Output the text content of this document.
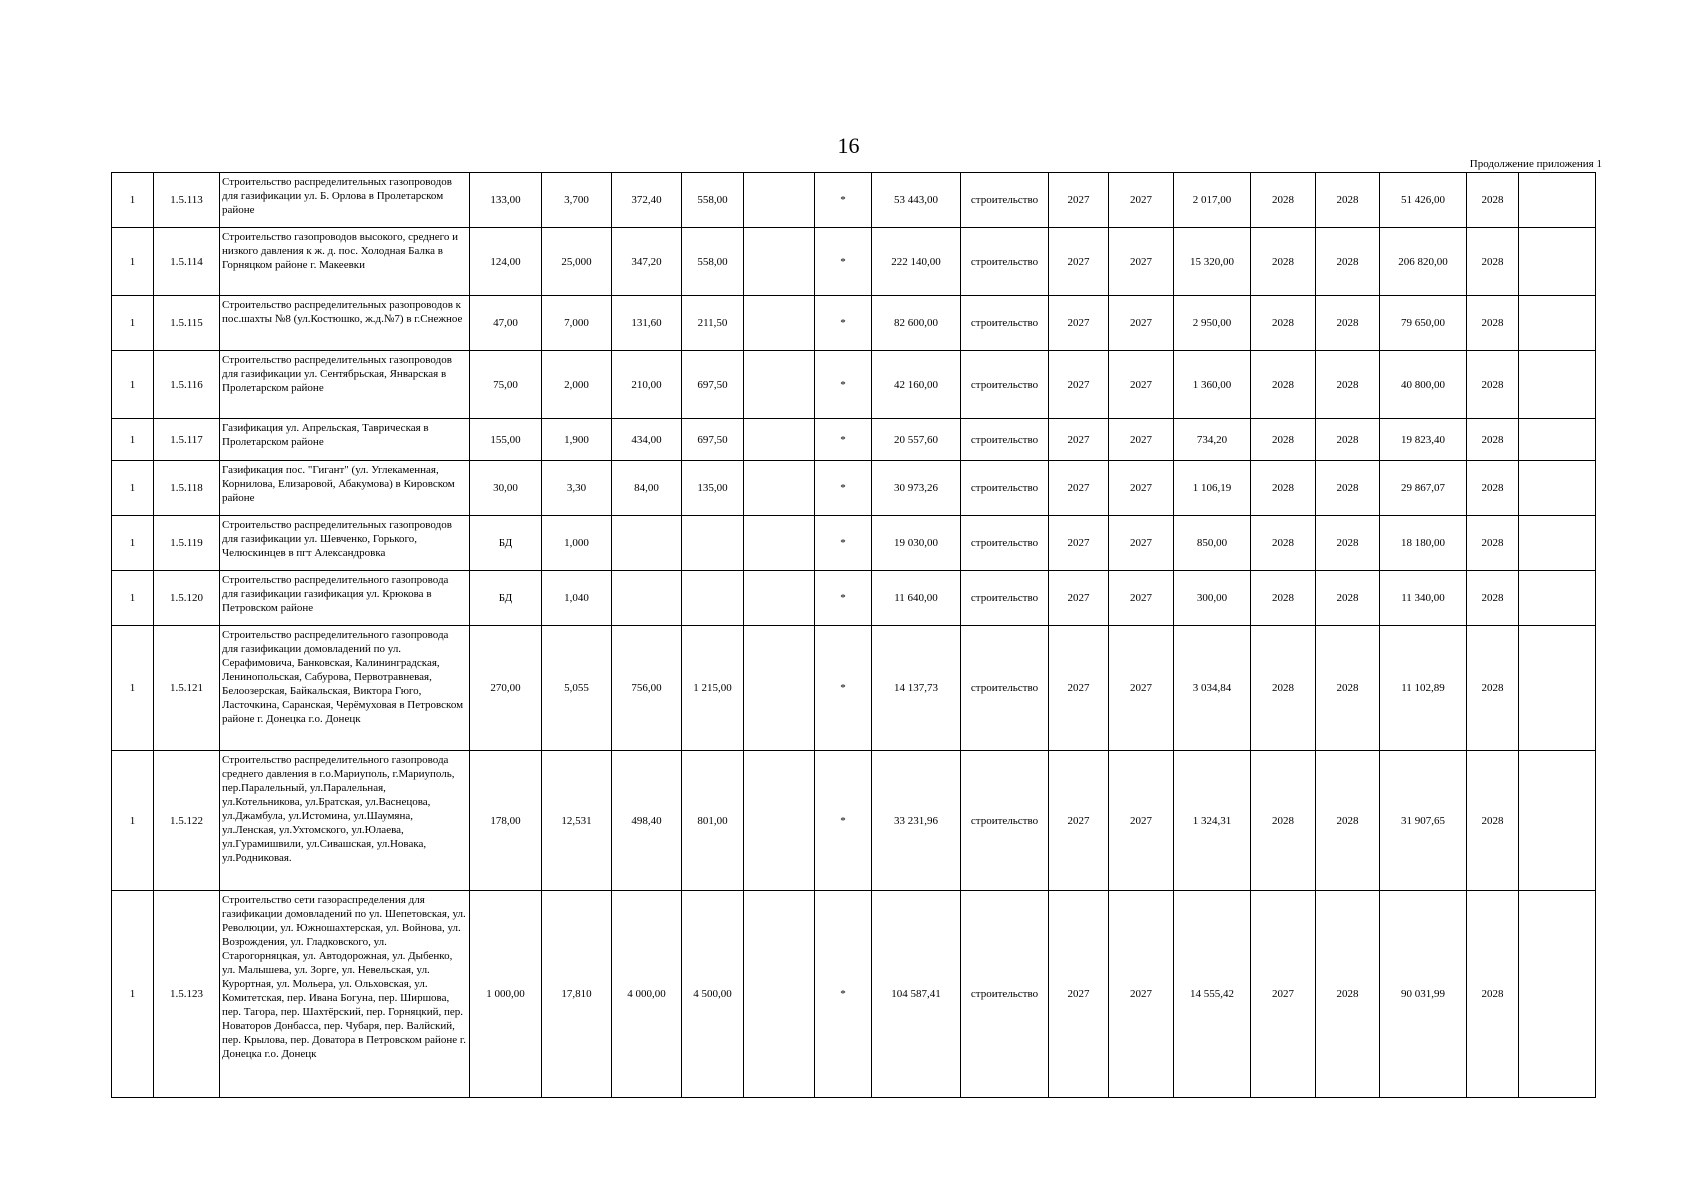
16
Продолжение приложения 1
1	1.5.113	Строительство распределительных газопроводов для газификации ул. Б. Орлова в Пролетарском районе	133,00	3,700	372,40	558,00		*	53 443,00	строительство	2027	2027	2 017,00	2028	2028	51 426,00	2028	
1	1.5.114	Строительство газопроводов высокого, среднего и низкого давления к ж. д. пос. Холодная Балка в Горняцком районе г. Макеевки	124,00	25,000	347,20	558,00		*	222 140,00	строительство	2027	2027	15 320,00	2028	2028	206 820,00	2028	
1	1.5.115	Строительство распределительных разопроводов к пос.шахты №8 (ул.Костюшко, ж.д.№7) в г.Снежное	47,00	7,000	131,60	211,50		*	82 600,00	строительство	2027	2027	2 950,00	2028	2028	79 650,00	2028	
1	1.5.116	Строительство распределительных газопроводов для газификации ул. Сентябрьская, Январская в Пролетарском районе	75,00	2,000	210,00	697,50		*	42 160,00	строительство	2027	2027	1 360,00	2028	2028	40 800,00	2028	
1	1.5.117	Газификация ул. Апрельская, Таврическая в Пролетарском районе	155,00	1,900	434,00	697,50		*	20 557,60	строительство	2027	2027	734,20	2028	2028	19 823,40	2028	
1	1.5.118	Газификация пос. "Гигант" (ул. Углекаменная, Корнилова, Елизаровой, Абакумова) в Кировском районе	30,00	3,30	84,00	135,00		*	30 973,26	строительство	2027	2027	1 106,19	2028	2028	29 867,07	2028	
1	1.5.119	Строительство распределительных газопроводов для газификации ул. Шевченко, Горького, Челюскинцев в пгт Александровка	БД	1,000				*	19 030,00	строительство	2027	2027	850,00	2028	2028	18 180,00	2028	
1	1.5.120	Строительство распределительного газопровода для газификации газификация ул. Крюкова в Петровском районе	БД	1,040				*	11 640,00	строительство	2027	2027	300,00	2028	2028	11 340,00	2028	
1	1.5.121	Строительство распределительного газопровода для газификации домовладений по ул. Серафимовича, Банковская, Калининградская, Ленинопольская, Сабурова, Первотравневая, Белоозерская, Байкальская, Виктора Гюго, Ласточкина, Саранская, Черёмуховая в Петровском районе г. Донецка г.о. Донецк	270,00	5,055	756,00	1 215,00		*	14 137,73	строительство	2027	2027	3 034,84	2028	2028	11 102,89	2028	
1	1.5.122	Строительство распределительного газопровода среднего давления в г.о.Мариуполь, г.Мариуполь, пер.Паралельный, ул.Паралельная, ул.Котельникова, ул.Братская, ул.Васнецова, ул.Джамбула, ул.Истомина, ул.Шаумяна, ул.Ленская, ул.Ухтомского, ул.Юлаева, ул.Гурамишвили, ул.Сивашская, ул.Новака, ул.Родниковая.	178,00	12,531	498,40	801,00		*	33 231,96	строительство	2027	2027	1 324,31	2028	2028	31 907,65	2028	
1	1.5.123	Строительство сети газораспределения для газификации домовладений по ул. Шепетовская, ул. Революции, ул. Южношахтерская, ул. Войнова, ул. Возрождения, ул. Гладковского, ул. Старогорняцкая, ул. Автодорожная, ул. Дыбенко, ул. Малышева, ул. Зорге, ул. Невельская, ул. Курортная, ул. Мольера, ул. Ольховская, ул. Комитетская, пер. Ивана Богуна, пер. Ширшова, пер. Тагора, пер. Шахтёрский, пер. Горняцкий, пер. Новаторов Донбасса, пер. Чубаря, пер. Валйский, пер. Крылова, пер. Доватора в Петровском районе г. Донецка г.о. Донецк	1 000,00	17,810	4 000,00	4 500,00		*	104 587,41	строительство	2027	2027	14 555,42	2027	2028	90 031,99	2028	
